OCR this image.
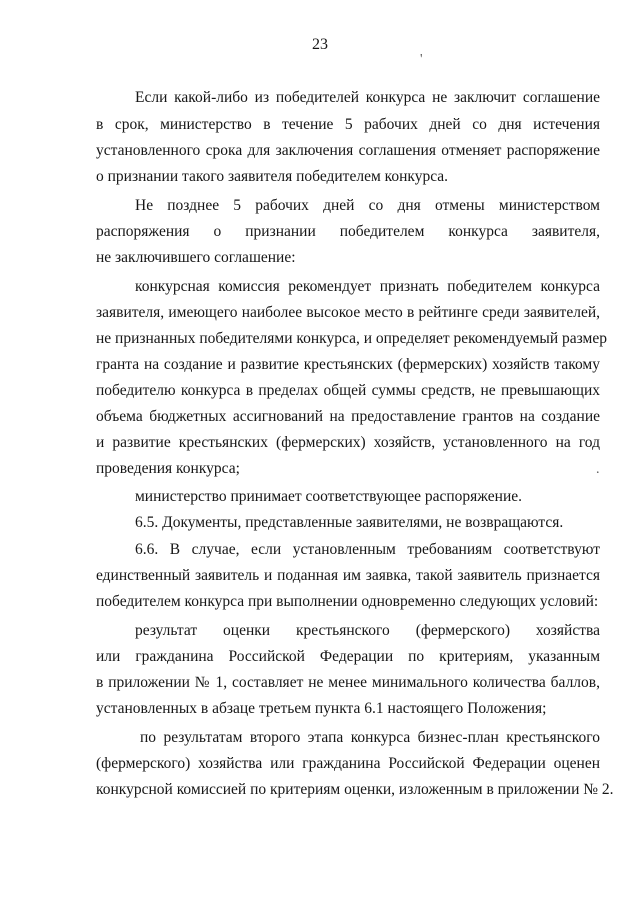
23
Если какой-либо из победителей конкурса не заключит соглашение
в срок, министерство в течение 5 рабочих дней со дня истечения
установленного срока для заключения соглашения отменяет распоряжение
о признании такого заявителя победителем конкурса.
Не позднее 5 рабочих дней со дня отмены министерством
распоряжения о признании победителем конкурса заявителя,
не заключившего соглашение:
конкурсная комиссия рекомендует признать победителем конкурса
заявителя, имеющего наиболее высокое место в рейтинге среди заявителей,
не признанных победителями конкурса, и определяет рекомендуемый размер
гранта на создание и развитие крестьянских (фермерских) хозяйств такому
победителю конкурса в пределах общей суммы средств, не превышающих
объема бюджетных ассигнований на предоставление грантов на создание
и развитие крестьянских (фермерских) хозяйств, установленного на год
проведения конкурса;
министерство принимает соответствующее распоряжение.
6.5. Документы, представленные заявителями, не возвращаются.
6.6. В случае, если установленным требованиям соответствуют
единственный заявитель и поданная им заявка, такой заявитель признается
победителем конкурса при выполнении одновременно следующих условий:
результат оценки крестьянского (фермерского) хозяйства
или гражданина Российской Федерации по критериям, указанным
в приложении № 1, составляет не менее минимального количества баллов,
установленных в абзаце третьем пункта 6.1 настоящего Положения;
по результатам второго этапа конкурса бизнес-план крестьянского
(фермерского) хозяйства или гражданина Российской Федерации оценен
конкурсной комиссией по критериям оценки, изложенным в приложении № 2.
'
.
